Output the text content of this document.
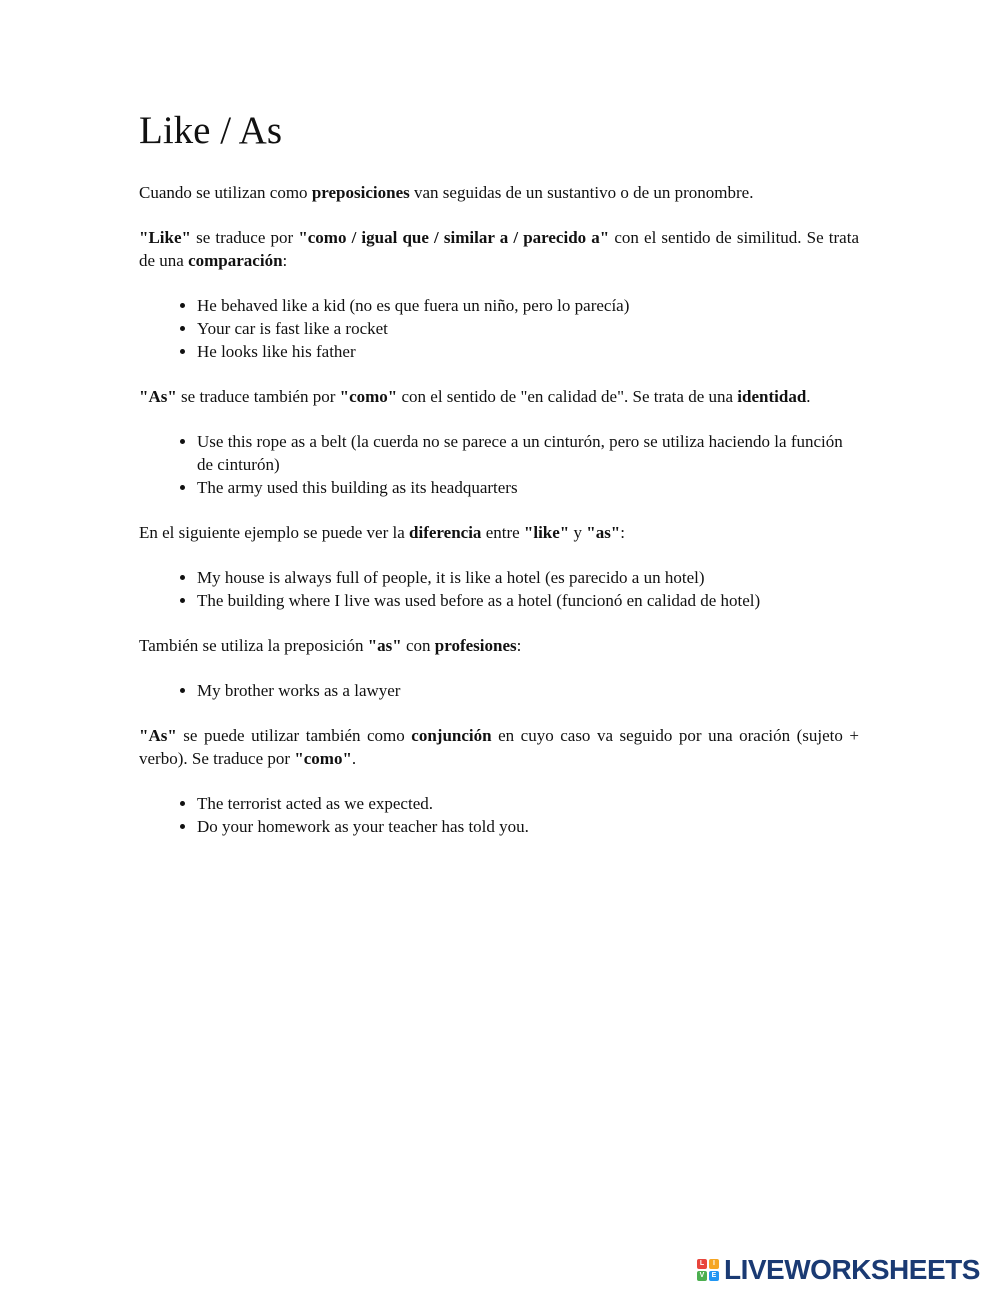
Like / As

Cuando se utilizan como preposiciones van seguidas de un sustantivo o de un pronombre.

"Like" se traduce por "como / igual que / similar a / parecido a" con el sentido de similitud. Se trata de una comparación:

• He behaved like a kid (no es que fuera un niño, pero lo parecía)
• Your car is fast like a rocket
• He looks like his father

"As" se traduce también por "como" con el sentido de "en calidad de". Se trata de una identidad.

• Use this rope as a belt (la cuerda no se parece a un cinturón, pero se utiliza haciendo la función de cinturón)
• The army used this building as its headquarters

En el siguiente ejemplo se puede ver la diferencia entre "like" y "as":

• My house is always full of people, it is like a hotel (es parecido a un hotel)
• The building where I live was used before as a hotel (funcionó en calidad de hotel)

También se utiliza la preposición "as" con profesiones:

• My brother works as a lawyer

"As" se puede utilizar también como conjunción en cuyo caso va seguido por una oración (sujeto + verbo). Se traduce por "como".

• The terrorist acted as we expected.
• Do your homework as your teacher has told you.
L	I
V	E LIVEWORKSHEETS
